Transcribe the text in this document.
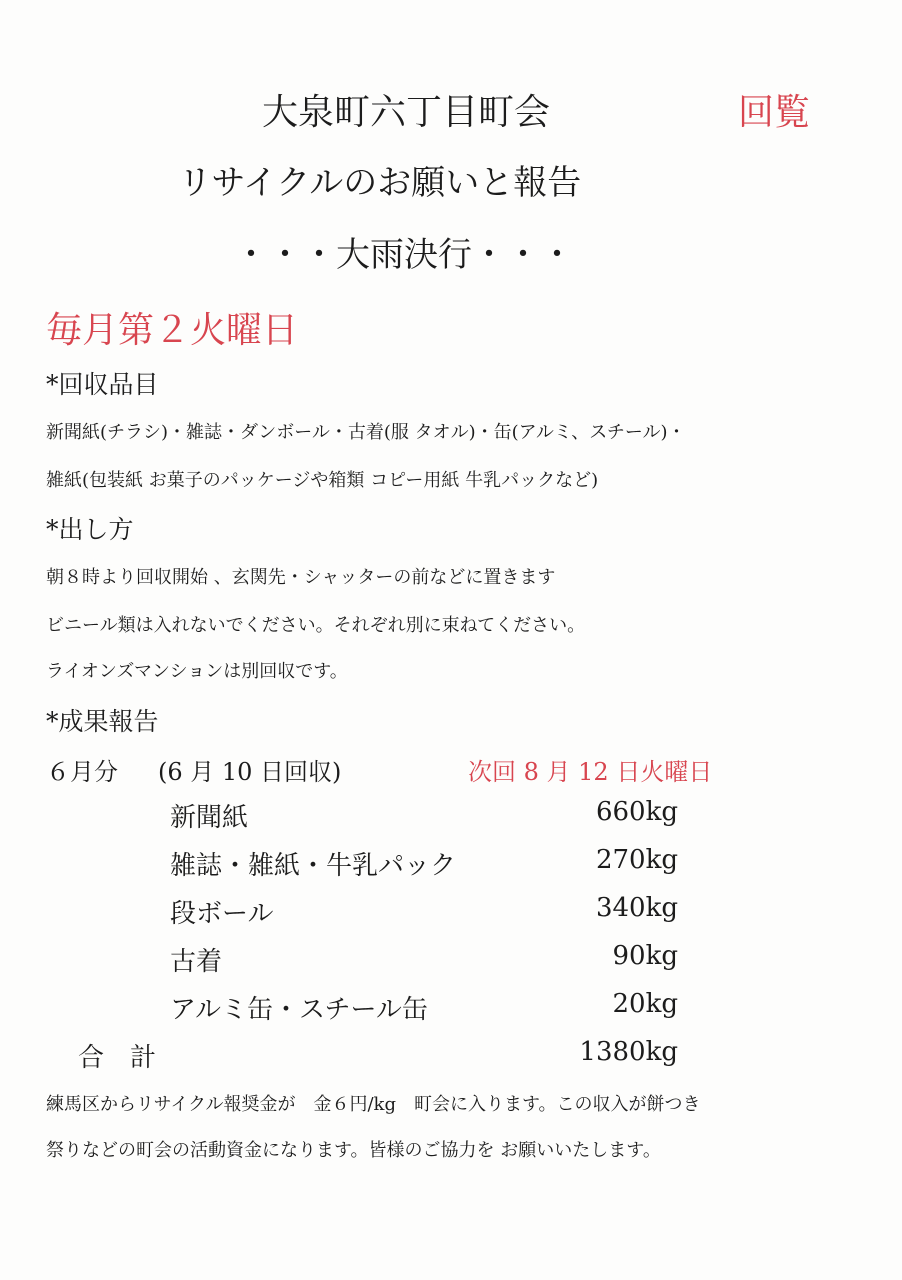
大泉町六丁目町会	回覧
リサイクルのお願いと報告
・・・大雨決行・・・
毎月第２火曜日
*回収品目
新聞紙(チラシ)・雑誌・ダンボール・古着(服 タオル)・缶(アルミ、スチール)・
雑紙(包装紙 お菓子のパッケージや箱類 コピー用紙 牛乳パックなど)
*出し方
朝８時より回収開始 、玄関先・シャッターの前などに置きます
ビニール類は入れないでください。それぞれ別に束ねてください。
ライオンズマンションは別回収です。
*成果報告
６月分 (6 月 10 日回収)	次回 8 月 12 日火曜日
新聞紙	660kg
雑誌・雑紙・牛乳パック	270kg
段ボール	340kg
古着	90kg
アルミ缶・スチール缶	20kg
合　計	1380kg
練馬区からリサイクル報奨金が　金６円/kg　町会に入ります。この収入が餅つき
祭りなどの町会の活動資金になります。皆様のご協力を お願いいたします。
